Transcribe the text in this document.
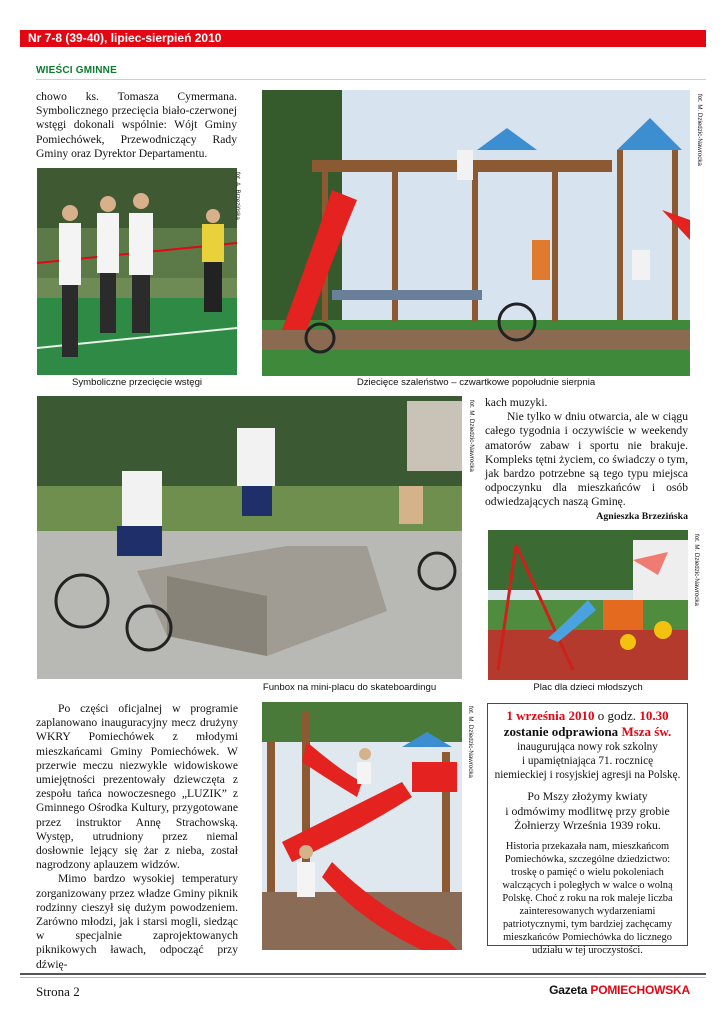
Nr 7-8 (39-40), lipiec-sierpień 2010
WIEŚCI GMINNE

chowo ks. Tomasza Cymermana. Symbolicznego przecięcia biało-czerwonej wstęgi dokonali wspólnie: Wójt Gminy Pomiechówek, Przewodniczący Rady Gminy oraz Dyrektor Departamentu.

fot. A. Brzezińska
Symboliczne przecięcie wstęgi
fot. M. Dziedzic-Nawrocka
Dziecięce szaleństwo – czwartkowe popołudnie sierpnia
fot. M. Dziedzic-Nawrocka
Funbox na mini-placu do skateboardingu

kach muzyki.

Nie tylko w dniu otwarcia, ale w ciągu całego tygodnia i oczywiście w weekendy amatorów zabaw i sportu nie brakuje. Kompleks tętni życiem, co świadczy o tym, jak bardzo potrzebne są tego typu miejsca odpoczynku dla mieszkańców i osób odwiedzających naszą Gminę.

Agnieszka Brzezińska
fot. M. Dziedzic-Nawrocka
Plac dla dzieci młodszych

Po części oficjalnej w programie zaplanowano inauguracyjny mecz drużyny WKRY Pomiechówek z młodymi mieszkańcami Gminy Pomiechówek. W przerwie meczu niezwykle widowiskowe umiejętności prezentowały dziewczęta z zespołu tańca nowoczesnego „LUZIK” z Gminnego Ośrodka Kultury, przygotowane przez instruktor Annę Strachowską. Występ, utrudniony przez niemal dosłownie lejący się żar z nieba, został nagrodzony aplauzem widzów.

Mimo bardzo wysokiej temperatury zorganizowany przez władze Gminy piknik rodzinny cieszył się dużym powodzeniem. Zarówno młodzi, jak i starsi mogli, siedząc w specjalnie zaprojektowanych piknikowych ławach, odpocząć przy dźwię-

fot. M. Dziedzic-Nawrocka	1 września 2010 o godz. 10.30
zostanie odprawiona Msza św.
inaugurująca nowy rok szkolny
i upamiętniająca 71. rocznicę
niemieckiej i rosyjskiej agresji na Polskę.
Po Mszy złożymy kwiaty
i odmówimy modlitwę przy grobie
Żołnierzy Września 1939 roku.
Historia przekazała nam, mieszkańcom Pomiechówka, szczególne dziedzictwo: troskę o pamięć o wielu pokoleniach walczących i poległych w walce o wolną Polskę. Choć z roku na rok maleje liczba zainteresowanych wydarzeniami patriotycznymi, tym bardziej zachęcamy mieszkańców Pomiechówka do licznego udziału w tej uroczystości.
Strona 2	Gazeta POMIECHOWSKA
